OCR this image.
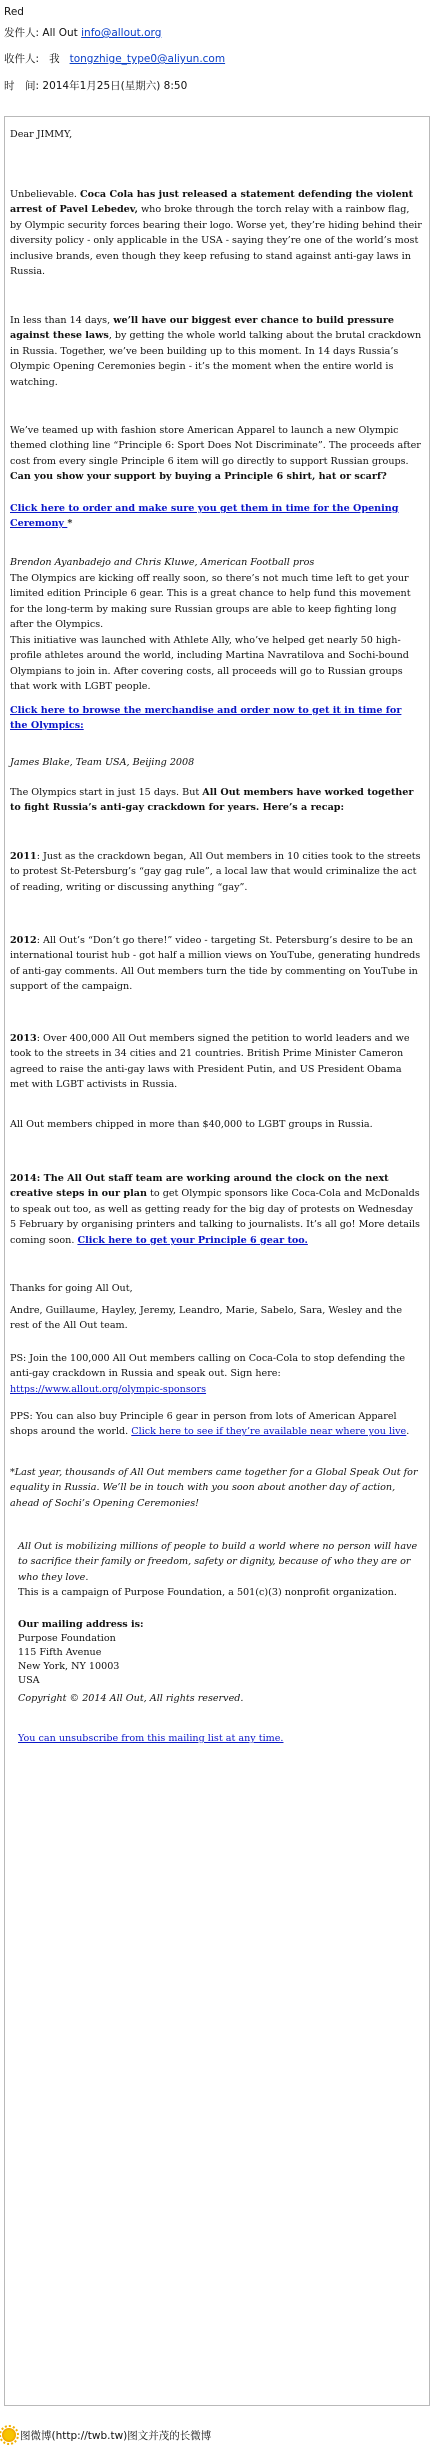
Red
发件人: All Out info@allout.org
收件人: 我 tongzhige_type0@aliyun.com
时　间: 2014年1月25日(星期六) 8:50

Dear JIMMY,

Unbelievable. Coca Cola has just released a statement defending the violent arrest of Pavel Lebedev, who broke through the torch relay with a rainbow flag, by Olympic security forces bearing their logo. Worse yet, they’re hiding behind their diversity policy - only applicable in the USA - saying they’re one of the world’s most inclusive brands, even though they keep refusing to stand against anti-gay laws in Russia.

In less than 14 days, we’ll have our biggest ever chance to build pressure against these laws, by getting the whole world talking about the brutal crackdown in Russia. Together, we’ve been building up to this moment. In 14 days Russia’s Olympic Opening Ceremonies begin - it’s the moment when the entire world is watching.

We’ve teamed up with fashion store American Apparel to launch a new Olympic themed clothing line “Principle 6: Sport Does Not Discriminate”. The proceeds after cost from every single Principle 6 item will go directly to support Russian groups. Can you show your support by buying a Principle 6 shirt, hat or scarf?

Click here to order and make sure you get them in time for the Opening Ceremony *

Brendon Ayanbadejo and Chris Kluwe, American Football pros

The Olympics are kicking off really soon, so there’s not much time left to get your limited edition Principle 6 gear. This is a great chance to help fund this movement for the long-term by making sure Russian groups are able to keep fighting long after the Olympics.

This initiative was launched with Athlete Ally, who’ve helped get nearly 50 high-profile athletes around the world, including Martina Navratilova and Sochi-bound Olympians to join in. After covering costs, all proceeds will go to Russian groups that work with LGBT people.

Click here to browse the merchandise and order now to get it in time for the Olympics:

James Blake, Team USA, Beijing 2008

The Olympics start in just 15 days. But All Out members have worked together to fight Russia’s anti-gay crackdown for years. Here’s a recap:

2011: Just as the crackdown began, All Out members in 10 cities took to the streets to protest St-Petersburg’s “gay gag rule”, a local law that would criminalize the act of reading, writing or discussing anything “gay”.

2012: All Out’s “Don’t go there!” video - targeting St. Petersburg’s desire to be an international tourist hub - got half a million views on YouTube, generating hundreds of anti-gay comments. All Out members turn the tide by commenting on YouTube in support of the campaign.

2013: Over 400,000 All Out members signed the petition to world leaders and we took to the streets in 34 cities and 21 countries. British Prime Minister Cameron agreed to raise the anti-gay laws with President Putin, and US President Obama met with LGBT activists in Russia.

All Out members chipped in more than $40,000 to LGBT groups in Russia.

2014: The All Out staff team are working around the clock on the next creative steps in our plan to get Olympic sponsors like Coca-Cola and McDonalds to speak out too, as well as getting ready for the big day of protests on Wednesday 5 February by organising printers and talking to journalists. It’s all go! More details coming soon. Click here to get your Principle 6 gear too.

Thanks for going All Out,

Andre, Guillaume, Hayley, Jeremy, Leandro, Marie, Sabelo, Sara, Wesley and the rest of the All Out team.

PS: Join the 100,000 All Out members calling on Coca-Cola to stop defending the anti-gay crackdown in Russia and speak out. Sign here: https://www.allout.org/olympic-sponsors

PPS: You can also buy Principle 6 gear in person from lots of American Apparel shops around the world. Click here to see if they’re available near where you live.

*Last year, thousands of All Out members came together for a Global Speak Out for equality in Russia. We’ll be in touch with you soon about another day of action, ahead of Sochi’s Opening Ceremonies!

All Out is mobilizing millions of people to build a world where no person will have to sacrifice their family or freedom, safety or dignity, because of who they are or who they love.

This is a campaign of Purpose Foundation, a 501(c)(3) nonprofit organization.

Our mailing address is:

Purpose Foundation

115 Fifth Avenue

New York, NY 10003

USA

Copyright © 2014 All Out, All rights reserved.

You can unsubscribe from this mailing list at any time.

图微博(http://twb.tw)图文并茂的长微博
